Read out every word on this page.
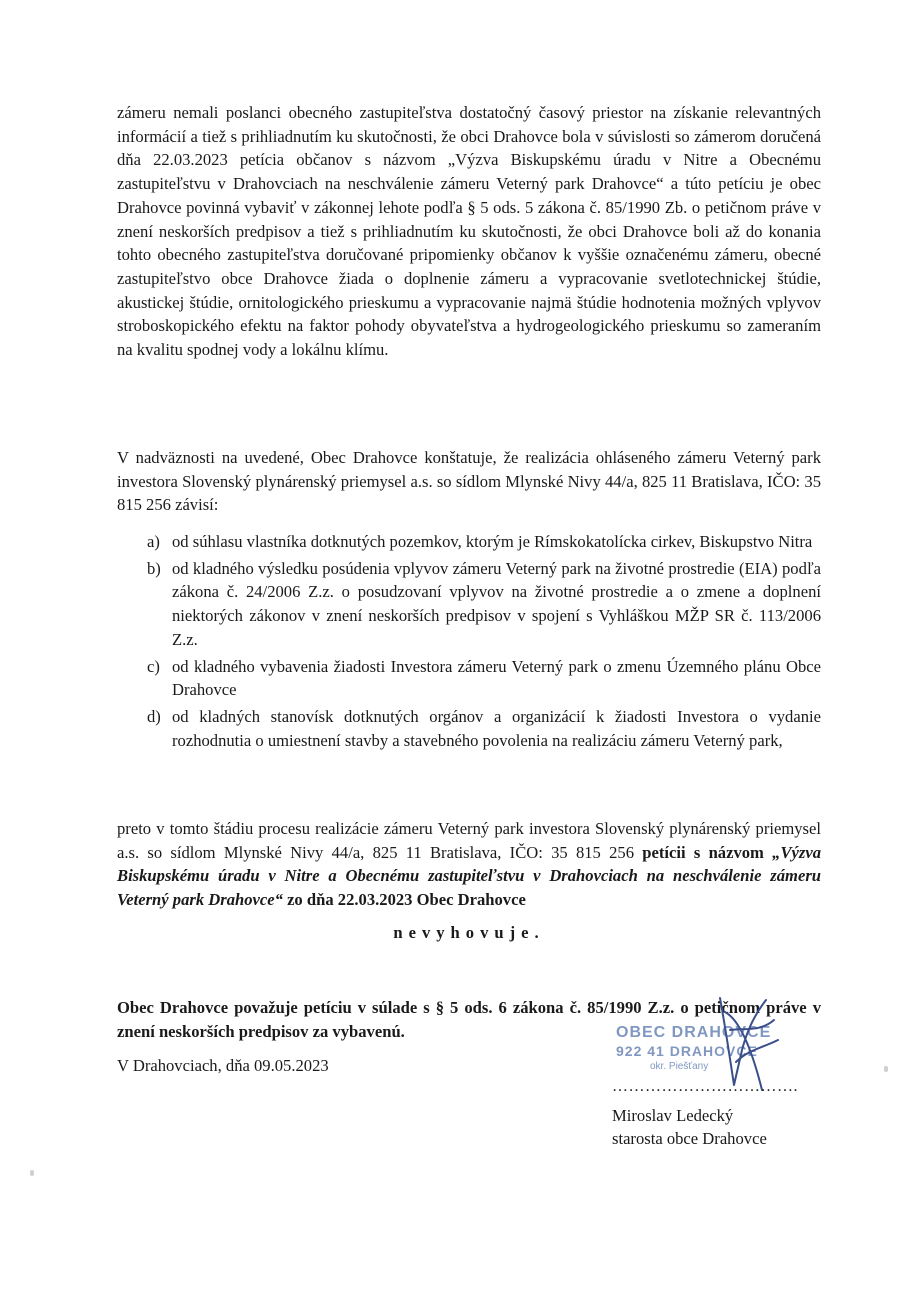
zámeru nemali poslanci obecného zastupiteľstva dostatočný časový priestor na získanie relevantných informácií a tiež s prihliadnutím ku skutočnosti, že obci Drahovce bola v súvislosti so zámerom doručená dňa 22.03.2023 petícia občanov s názvom „Výzva Biskupskému úradu v Nitre a Obecnému zastupiteľstvu v Drahovciach na neschválenie zámeru Veterný park Drahovce“ a túto petíciu je obec Drahovce povinná vybaviť v zákonnej lehote podľa § 5 ods. 5 zákona č. 85/1990 Zb. o petičnom práve v znení neskorších predpisov a tiež s prihliadnutím ku skutočnosti, že obci Drahovce boli až do konania tohto obecného zastupiteľstva doručované pripomienky občanov k vyššie označenému zámeru, obecné zastupiteľstvo obce Drahovce žiada o doplnenie zámeru a vypracovanie svetlotechnickej štúdie, akustickej štúdie, ornitologického prieskumu a vypracovanie najmä štúdie hodnotenia možných vplyvov stroboskopického efektu na faktor pohody obyvateľstva a hydrogeologického prieskumu so zameraním na kvalitu spodnej vody a lokálnu klímu.

V nadväznosti na uvedené, Obec Drahovce konštatuje, že realizácia ohláseného zámeru Veterný park investora Slovenský plynárenský priemysel a.s. so sídlom Mlynské Nivy 44/a, 825 11 Bratislava, IČO: 35 815 256 závisí:

a) od súhlasu vlastníka dotknutých pozemkov, ktorým je Rímskokatolícka cirkev, Biskupstvo Nitra
b) od kladného výsledku posúdenia vplyvov zámeru Veterný park na životné prostredie (EIA) podľa zákona č. 24/2006 Z.z. o posudzovaní vplyvov na životné prostredie a o zmene a doplnení niektorých zákonov v znení neskorších predpisov v spojení s Vyhláškou MŽP SR č. 113/2006 Z.z.
c) od kladného vybavenia žiadosti Investora zámeru Veterný park o zmenu Územného plánu Obce Drahovce
d) od kladných stanovísk dotknutých orgánov a organizácií k žiadosti Investora o vydanie rozhodnutia o umiestnení stavby a stavebného povolenia na realizáciu zámeru Veterný park,

preto v tomto štádiu procesu realizácie zámeru Veterný park investora Slovenský plynárenský priemysel a.s. so sídlom Mlynské Nivy 44/a, 825 11 Bratislava, IČO: 35 815 256 petícii s názvom „Výzva Biskupskému úradu v Nitre a Obecnému zastupiteľstvu v Drahovciach na neschválenie zámeru Veterný park Drahovce“ zo dňa 22.03.2023 Obec Drahovce

nevyhovuje.

Obec Drahovce považuje petíciu v súlade s § 5 ods. 6 zákona č. 85/1990 Z.z. o petičnom práve v znení neskorších predpisov za vybavenú.

V Drahovciach, dňa 09.05.2023
OBEC DRAHOVCE
922 41 DRAHOVCE
okr. Piešťany
…………………………….
Miroslav Ledecký
starosta obce Drahovce
